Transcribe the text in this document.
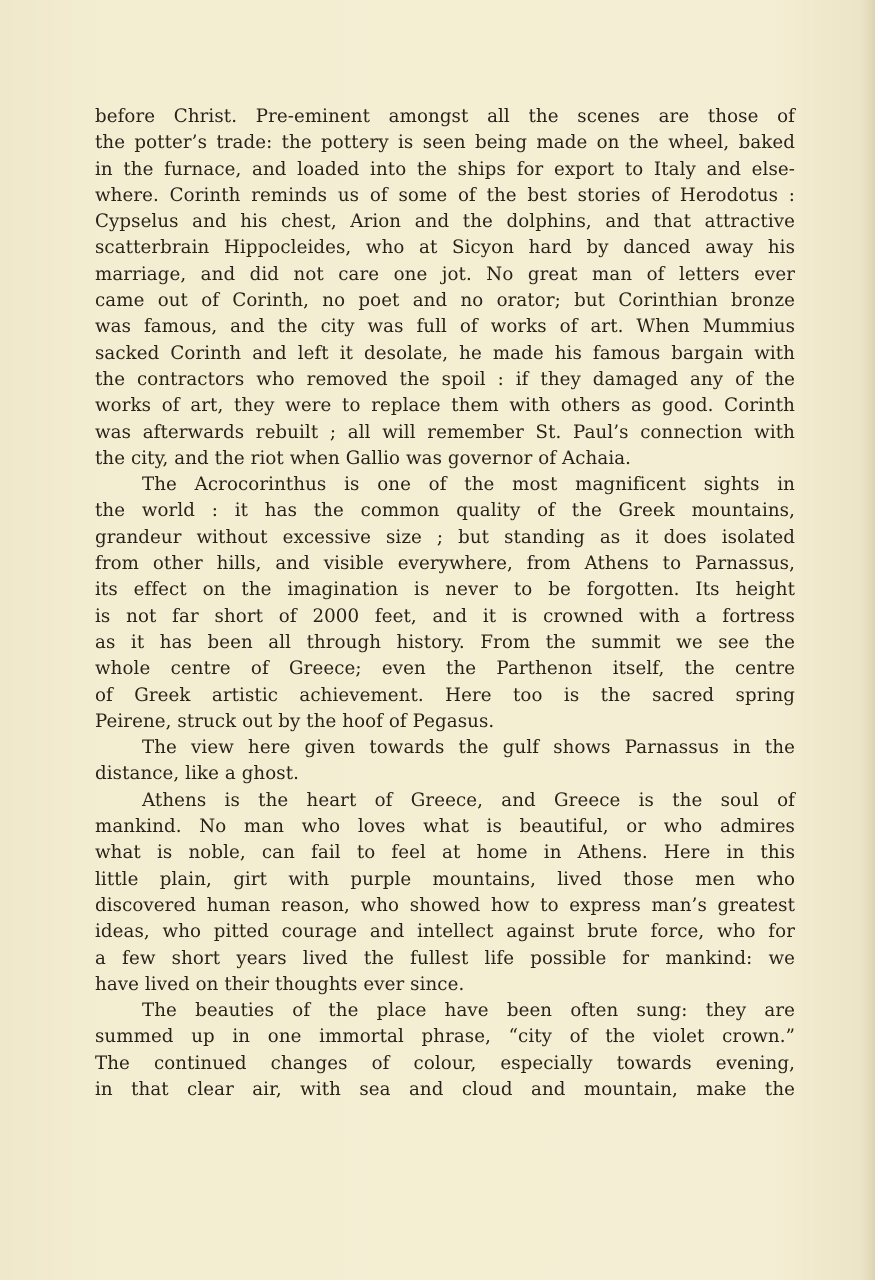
before Christ. Pre-eminent amongst all the scenes are those of
the potter’s trade: the pottery is seen being made on the wheel, baked
in the furnace, and loaded into the ships for export to Italy and else-
where. Corinth reminds us of some of the best stories of Herodotus :
Cypselus and his chest, Arion and the dolphins, and that attractive
scatterbrain Hippocleides, who at Sicyon hard by danced away his
marriage, and did not care one jot. No great man of letters ever
came out of Corinth, no poet and no orator; but Corinthian bronze
was famous, and the city was full of works of art. When Mummius
sacked Corinth and left it desolate, he made his famous bargain with
the contractors who removed the spoil : if they damaged any of the
works of art, they were to replace them with others as good. Corinth
was afterwards rebuilt ; all will remember St. Paul’s connection with
the city, and the riot when Gallio was governor of Achaia.
The Acrocorinthus is one of the most magnificent sights in
the world : it has the common quality of the Greek mountains,
grandeur without excessive size ; but standing as it does isolated
from other hills, and visible everywhere, from Athens to Parnassus,
its effect on the imagination is never to be forgotten. Its height
is not far short of 2000 feet, and it is crowned with a fortress
as it has been all through history. From the summit we see the
whole centre of Greece; even the Parthenon itself, the centre
of Greek artistic achievement. Here too is the sacred spring
Peirene, struck out by the hoof of Pegasus.
The view here given towards the gulf shows Parnassus in the
distance, like a ghost.
Athens is the heart of Greece, and Greece is the soul of
mankind. No man who loves what is beautiful, or who admires
what is noble, can fail to feel at home in Athens. Here in this
little plain, girt with purple mountains, lived those men who
discovered human reason, who showed how to express man’s greatest
ideas, who pitted courage and intellect against brute force, who for
a few short years lived the fullest life possible for mankind: we
have lived on their thoughts ever since.
The beauties of the place have been often sung: they are
summed up in one immortal phrase, “city of the violet crown.”
The continued changes of colour, especially towards evening,
in that clear air, with sea and cloud and mountain, make the
